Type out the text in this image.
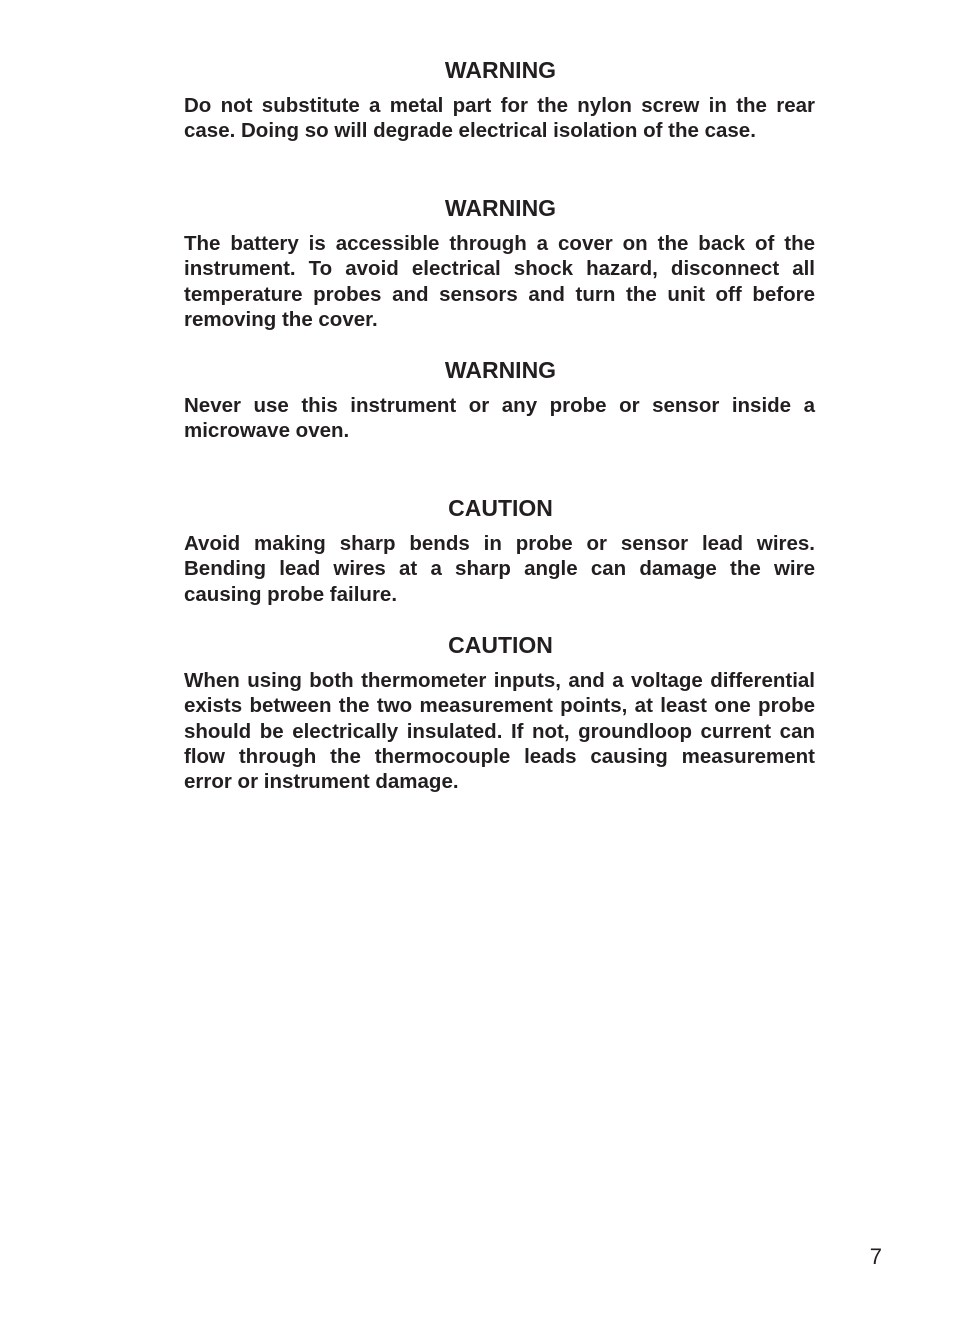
WARNING

Do not substitute a metal part for the nylon screw in the rear case. Doing so will degrade electrical isolation of the case.

WARNING

The battery is accessible through a cover on the back of the instrument. To avoid electrical shock hazard, disconnect all temperature probes and sensors and turn the unit off before removing the cover.

WARNING

Never use this instrument or any probe or sensor inside a microwave oven.

CAUTION

Avoid making sharp bends in probe or sensor lead wires. Bending lead wires at a sharp angle can damage the wire causing probe failure.

CAUTION

When using both thermometer inputs, and a voltage differential exists between the two measurement points, at least one probe should be electrically insulated. If not, groundloop current can flow through the thermocouple leads causing measurement error or instrument damage.

7
